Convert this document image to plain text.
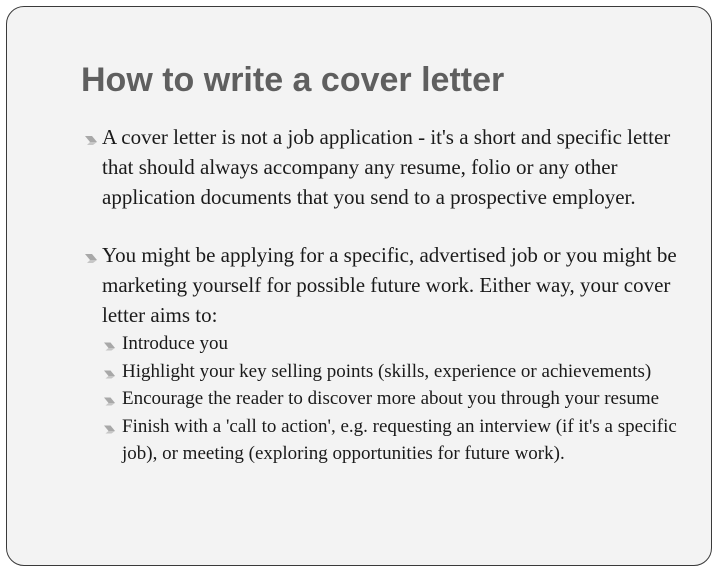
How to write a cover letter
A cover letter is not a job application - it's a short and specific letter that should always accompany any resume, folio or any other application documents that you send to a prospective employer.
You might be applying for a specific, advertised job or you might be marketing yourself for possible future work. Either way, your cover letter aims to:
Introduce you
Highlight your key selling points (skills, experience or achievements)
Encourage the reader to discover more about you through your resume
Finish with a 'call to action', e.g. requesting an interview (if it's a specific job), or meeting (exploring opportunities for future work).
